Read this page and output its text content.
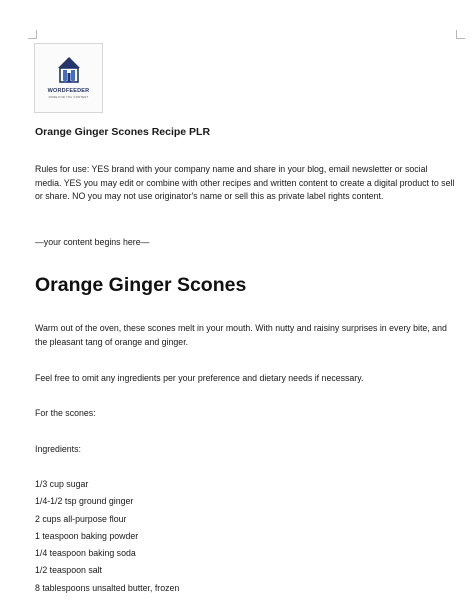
WORDFEEDER
DONE FOR YOU CONTENT
Orange Ginger Scones Recipe PLR
Rules for use: YES brand with your company name and share in your blog, email newsletter or social media. YES you may edit or combine with other recipes and written content to create a digital product to sell or share. NO you may not use originator's name or sell this as private label rights content.
—your content begins here—
Orange Ginger Scones
Warm out of the oven, these scones melt in your mouth. With nutty and raisiny surprises in every bite, and the pleasant tang of orange and ginger.
Feel free to omit any ingredients per your preference and dietary needs if necessary.
For the scones:
Ingredients:
1/3 cup sugar
1/4-1/2 tsp ground ginger
2 cups all-purpose flour
1 teaspoon baking powder
1/4 teaspoon baking soda
1/2 teaspoon salt
8 tablespoons unsalted butter, frozen
